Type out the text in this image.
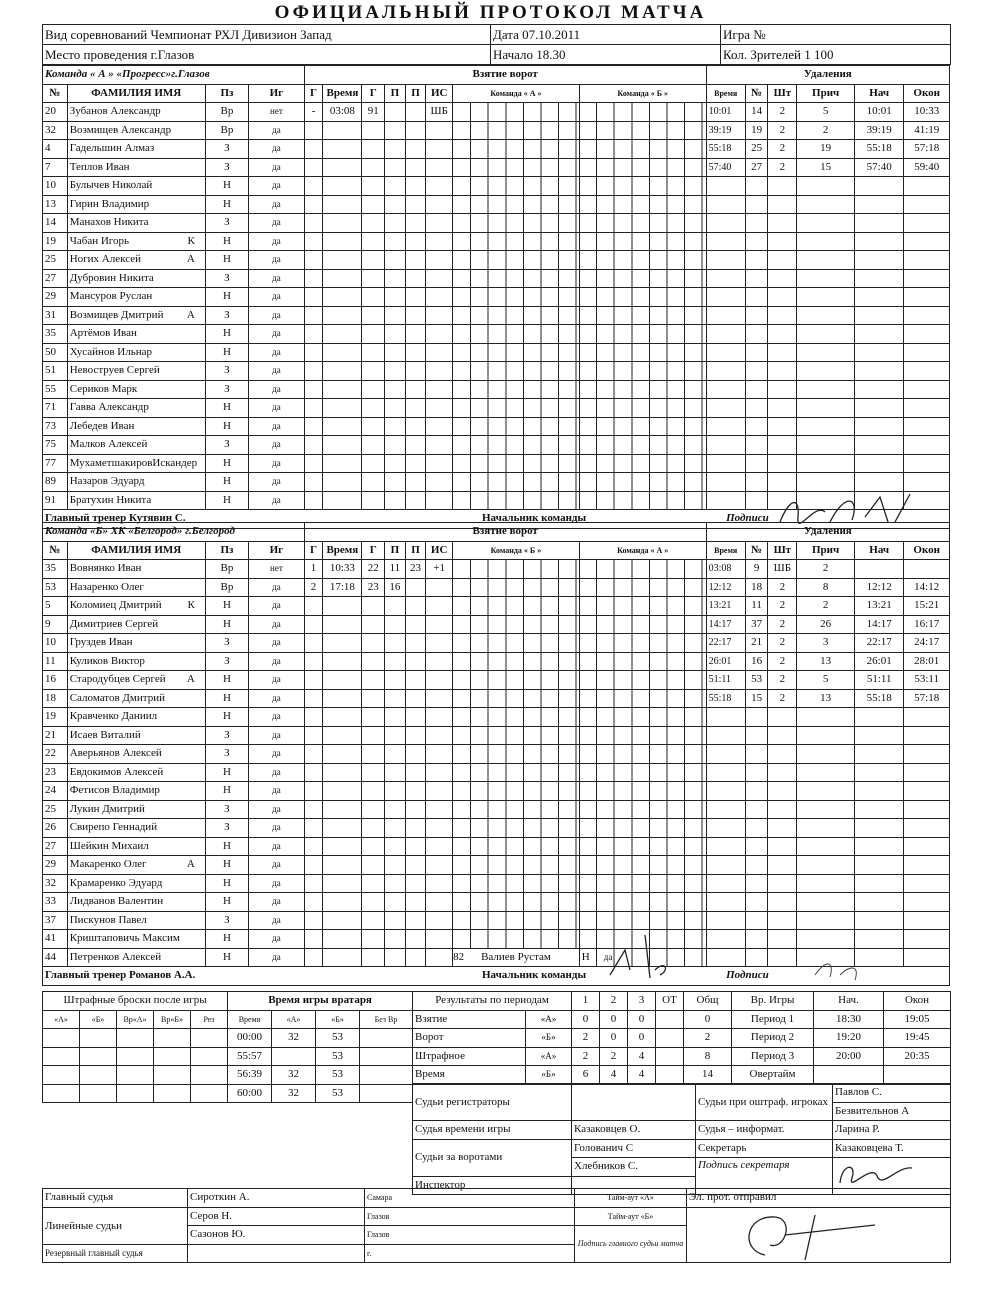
ОФИЦИАЛЬНЫЙ ПРОТОКОЛ МАТЧА
Вид соревнований Чемпионат РХЛ Дивизион Запад	Дата 07.10.2011	Игра №
Место проведения г.Глазов	Начало 18.30	Кол. Зрителей 1 100
Команда « А » «Прогресс»г.Глазов				Взятие ворот								Удаления					
№	ФАМИЛИЯ ИМЯ	Пз	Иг	Г	Время	Г	П	П	ИС	Команда « А »	Команда « Б »	Время	№	Шт	Прич	Нач	Окон
20	Зубанов Александр	Вр	нет	-	03:08	91			ШБ			10:01	14	2	5	10:01	10:33
32	Возмищев Александр	Вр	да									39:19	19	2	2	39:19	41:19
4	Гадельшин Алмаз	З	да									55:18	25	2	19	55:18	57:18
7	Теплов Иван	З	да									57:40	27	2	15	57:40	59:40
10	Булычев Николай	Н	да														
13	Гирин Владимир	Н	да														
14	Манахов Никита	З	да														
19	Чабан Игорь К	Н	да														
25	Ногих Алексей А	Н	да														
27	Дубровин Никита	З	да														
29	Мансуров Руслан	Н	да														
31	Возмищев Дмитрий А	З	да														
35	Артёмов Иван	Н	да														
50	Хусайнов Ильнар	Н	да														
51	Невоструев Сергей	З	да														
55	Сериков Марк	З	да														
71	Гавва Александр	Н	да														
73	Лебедев Иван	Н	да														
75	Малков Алексей	З	да														
77	МухаметшакировИскандер	Н	да														
89	Назаров Эдуард	Н	да														
91	Братухин Никита	Н	да														
Главный тренер Кутявин С.						Начальник команды						Подписи					
Команда «Б» ХК «Белгород» г.Белгород				Взятие ворот								Удаления					
№	ФАМИЛИЯ ИМЯ	Пз	Иг	Г	Время	Г	П	П	ИС	Команда « Б »	Команда « А »	Время	№	Шт	Прич	Нач	Окон
35	Вовнянко Иван	Вр	нет	1	10:33	22	11	23	+1			03:08	9	ШБ	2		
53	Назаренко Олег	Вр	да	2	17:18	23	16					12:12	18	2	8	12:12	14:12
5	Коломиец Дмитрий К	Н	да									13:21	11	2	2	13:21	15:21
9	Димитриев Сергей	Н	да									14:17	37	2	26	14:17	16:17
10	Груздев Иван	З	да									22:17	21	2	3	22:17	24:17
11	Куликов Виктор	З	да									26:01	16	2	13	26:01	28:01
16	Стародубцев Сергей А	Н	да									51:11	53	2	5	51:11	53:11
18	Саломатов Дмитрий	Н	да									55:18	15	2	13	55:18	57:18
19	Кравченко Даниил	Н	да														
21	Исаев Виталий	З	да														
22	Аверьянов Алексей	З	да														
23	Евдокимов Алексей	Н	да														
24	Фетисов Владимир	Н	да														
25	Лукин Дмитрий	З	да														
26	Свирепо Геннадий	З	да														
27	Шейкин Михаил	Н	да														
29	Макаренко Олег А	Н	да														
32	Крамаренко Эдуард	Н	да														
33	Лидванов Валентин	Н	да														
37	Пискунов Павел	З	да														
41	Криштаповичь Максим	Н	да														
44	Петренков Алексей	Н	да							82 Валиев Рустам	Н да						

Главный тренер Романов А.А.						Начальник команды						Подписи					
Штрафные броски после игры					Время игры вратаря			
«А»	«Б»	Вр«А»	Вр«Б»	Рез	Время	«А»	«Б»	Без Вр
					00:00	32	53	
					55:57		53	
					56:39	32	53	
					60:00	32	53	
Результаты по периодам		1	2	3	ОТ	Общ	Вр. Игры	Нач.	Окон
Взятие	«А»	0	0	0		0	Период 1	18:30	19:05
Ворот	«Б»	2	0	0		2	Период 2	19:20	19:45
Штрафное	«А»	2	2	4		8	Период 3	20:00	20:35
Время	«Б»	6	4	4		14	Овертайм		
Судьи регистраторы		Судьи при оштраф. игроках	Павлов С.
			Безвительнов А
Судья времени игры	Казаковцев О.	Судья – информат.	Ларина Р.
Судьи за воротами	Голованич С	Секретарь	Казаковцева Т.
	Хлебников С.	Подпись секретаря	
Инспектор			
Главный судья	Сироткин А.	Самара	Тайм-аут «А»	Эл. прот. отправил
Линейные судьи	Серов Н.	Глазов	Тайм-аут «Б»	
	Сазонов Ю.	Глазов	Подпись главного судьи матча	
Резервный главный судья		г.		
